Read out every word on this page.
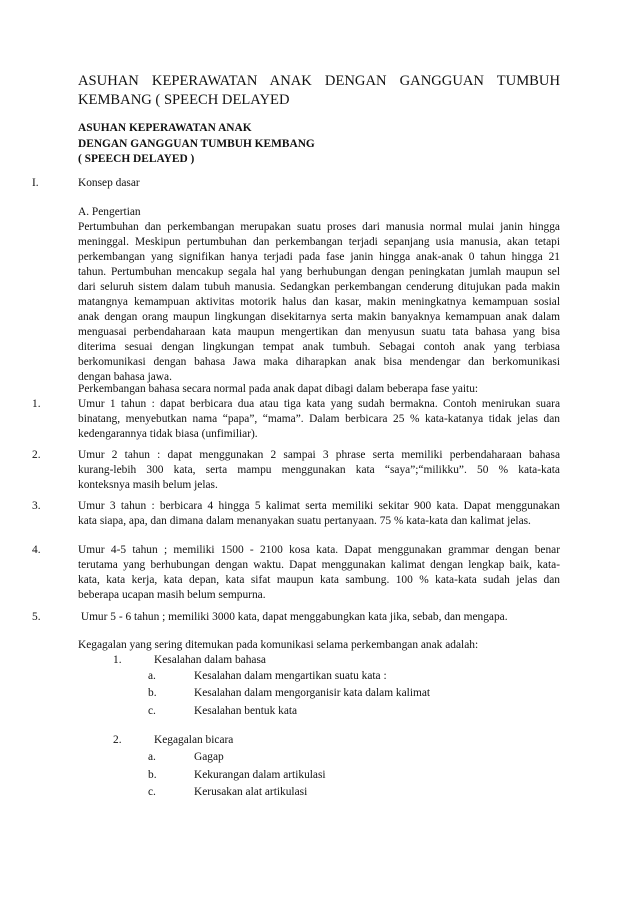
ASUHAN KEPERAWATAN ANAK DENGAN GANGGUAN TUMBUH
KEMBANG ( SPEECH DELAYED
ASUHAN KEPERAWATAN ANAK
DENGAN GANGGUAN TUMBUH KEMBANG
( SPEECH DELAYED )
I.	Konsep dasar
A. Pengertian
Pertumbuhan dan perkembangan merupakan suatu proses dari manusia normal mulai janin hingga
meninggal. Meskipun pertumbuhan dan perkembangan terjadi sepanjang usia manusia, akan tetapi
perkembangan yang signifikan hanya terjadi pada fase janin hingga anak-anak 0 tahun hingga 21
tahun. Pertumbuhan mencakup segala hal yang berhubungan dengan peningkatan jumlah maupun sel
dari seluruh sistem dalam tubuh manusia. Sedangkan perkembangan cenderung ditujukan pada makin
matangnya kemampuan aktivitas motorik halus dan kasar, makin meningkatnya kemampuan sosial
anak dengan orang maupun lingkungan disekitarnya serta makin banyaknya kemampuan anak dalam
menguasai perbendaharaan kata maupun mengertikan dan menyusun suatu tata bahasa yang bisa
diterima sesuai dengan lingkungan tempat anak tumbuh. Sebagai contoh anak yang terbiasa
berkomunikasi dengan bahasa Jawa maka diharapkan anak bisa mendengar dan berkomunikasi
dengan bahasa jawa.
Perkembangan bahasa secara normal pada anak dapat dibagi dalam beberapa fase yaitu:
1.	Umur 1 tahun : dapat berbicara dua atau tiga kata yang sudah bermakna. Contoh menirukan suara
binatang, menyebutkan nama “papa”, “mama”. Dalam berbicara 25 % kata-katanya tidak jelas dan
kedengarannya tidak biasa (unfimiliar).
2.	Umur 2 tahun : dapat menggunakan 2 sampai 3 phrase serta memiliki perbendaharaan bahasa
kurang-lebih 300 kata, serta mampu menggunakan kata “saya”;“milikku”. 50 % kata-kata
konteksnya masih belum jelas.
3.	Umur 3 tahun : berbicara 4 hingga 5 kalimat serta memiliki sekitar 900 kata. Dapat menggunakan
kata siapa, apa, dan dimana dalam menanyakan suatu pertanyaan. 75 % kata-kata dan kalimat jelas.
4.	Umur 4-5 tahun ; memiliki 1500 - 2100 kosa kata. Dapat menggunakan grammar dengan benar
terutama yang berhubungan dengan waktu. Dapat menggunakan kalimat dengan lengkap baik, kata-
kata, kata kerja, kata depan, kata sifat maupun kata sambung. 100 % kata-kata sudah jelas dan
beberapa ucapan masih belum sempurna.
5.	Umur 5 - 6 tahun ; memiliki 3000 kata, dapat menggabungkan kata jika, sebab, dan mengapa.
Kegagalan yang sering ditemukan pada komunikasi selama perkembangan anak adalah:
1.	Kesalahan dalam bahasa
a.	Kesalahan dalam mengartikan suatu kata :
b.	Kesalahan dalam mengorganisir kata dalam kalimat
c.	Kesalahan bentuk kata
2.	Kegagalan bicara
a.	Gagap
b.	Kekurangan dalam artikulasi
c.	Kerusakan alat artikulasi
